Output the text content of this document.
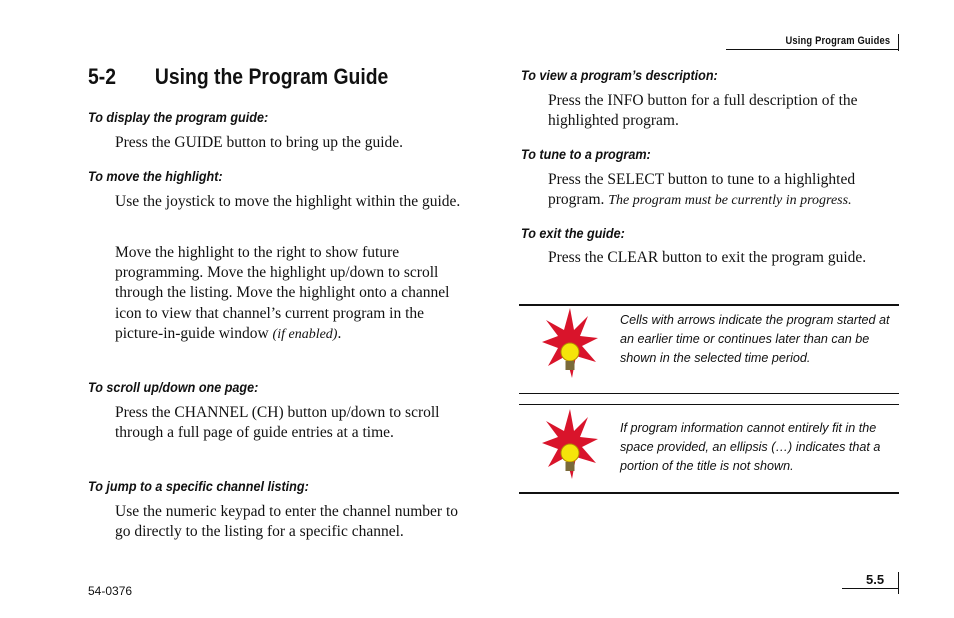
Using Program Guides
5-2 Using the Program Guide
To display the program guide:
Press the GUIDE button to bring up the guide.
To move the highlight:
Use the joystick to move the highlight within the guide.
Move the highlight to the right to show future programming. Move the highlight up/down to scroll through the listing. Move the highlight onto a channel icon to view that channel’s current program in the picture-in-guide window (if enabled).
To scroll up/down one page:
Press the CHANNEL (CH) button up/down to scroll through a full page of guide entries at a time.
To jump to a specific channel listing:
Use the numeric keypad to enter the channel number to go directly to the listing for a specific channel.
To view a program’s description:
Press the INFO button for a full description of the highlighted program.
To tune to a program:
Press the SELECT button to tune to a highlighted program. The program must be currently in progress.
To exit the guide:
Press the CLEAR button to exit the program guide.
Cells with arrows indicate the program started at an earlier time or continues later than can be shown in the selected time period.
If program information cannot entirely fit in the space provided, an ellipsis (…) indicates that a portion of the title is not shown.
54-0376
5.5
